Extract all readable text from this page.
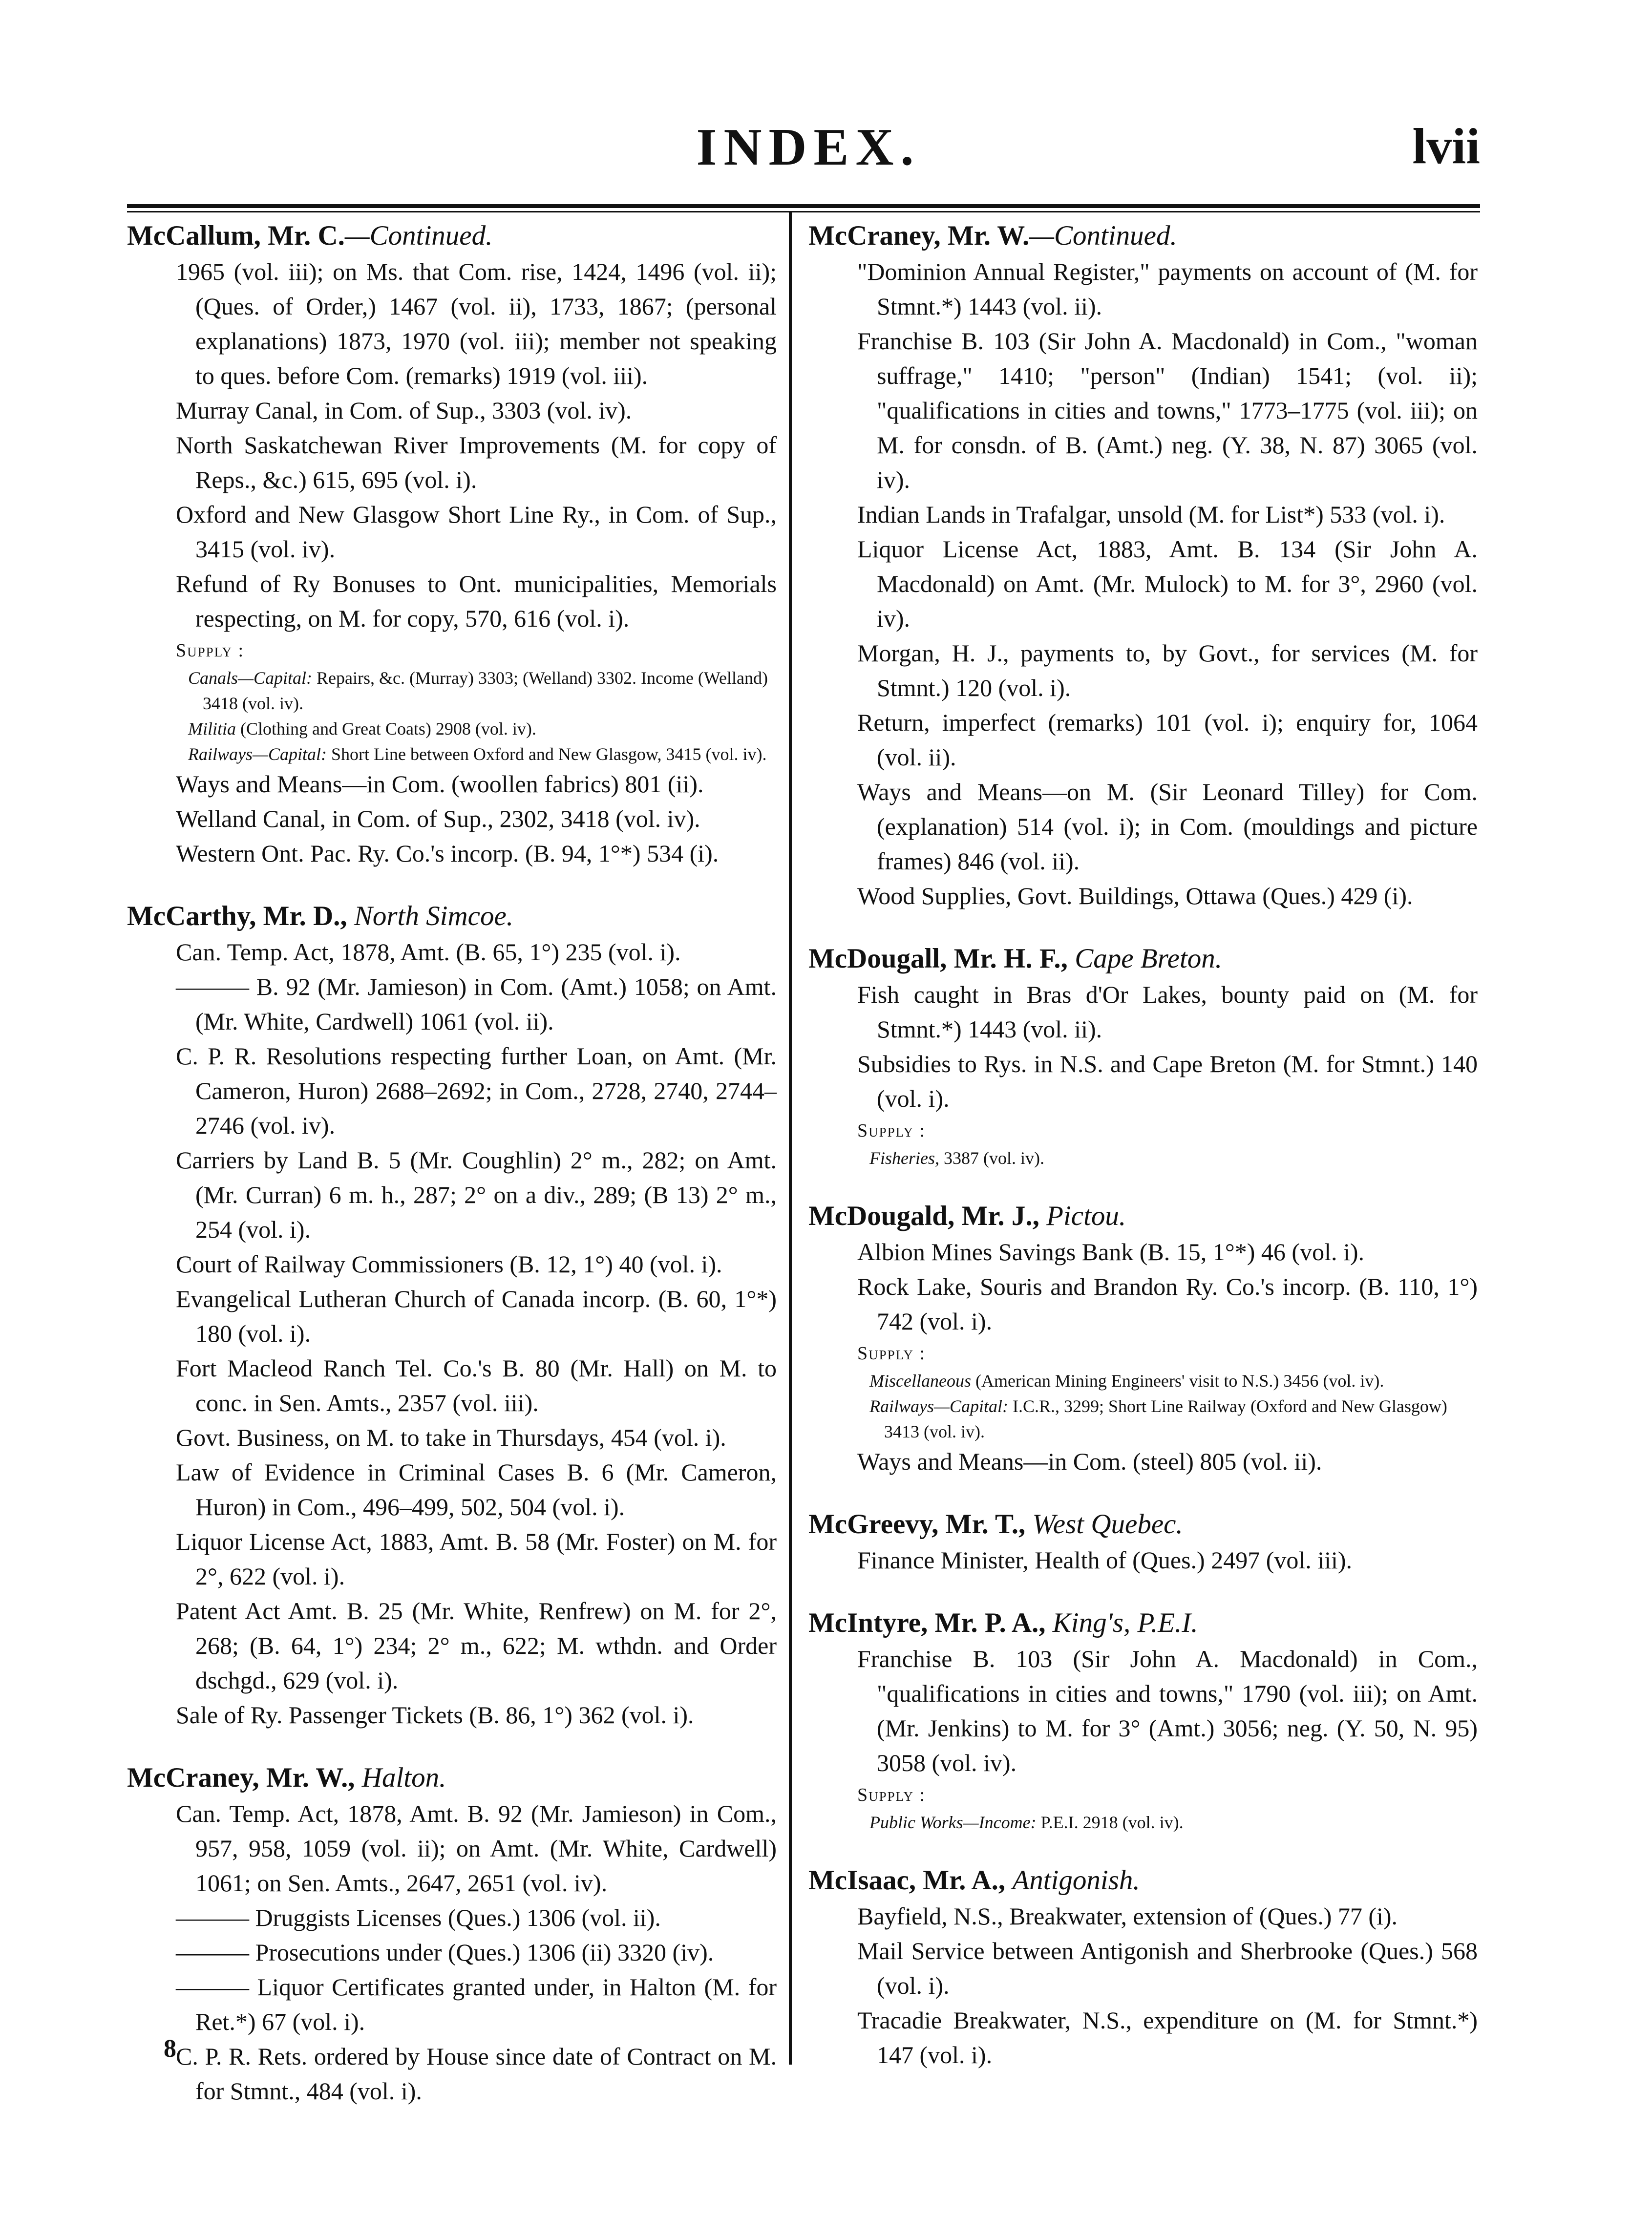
INDEX.	lvii
McCallum, Mr. C.—Continued.
1965 (vol. iii); on Ms. that Com. rise, 1424, 1496 (vol. ii); (Ques. of Order,) 1467 (vol. ii), 1733, 1867; (personal explanations) 1873, 1970 (vol. iii); member not speaking to ques. before Com. (remarks) 1919 (vol. iii).
Murray Canal, in Com. of Sup., 3303 (vol. iv).
North Saskatchewan River Improvements (M. for copy of Reps., &c.) 615, 695 (vol. i).
Oxford and New Glasgow Short Line Ry., in Com. of Sup., 3415 (vol. iv).
Refund of Ry Bonuses to Ont. municipalities, Memorials respecting, on M. for copy, 570, 616 (vol. i).
Supply :
Canals—Capital: Repairs, &c. (Murray) 3303; (Welland) 3302. Income (Welland) 3418 (vol. iv).
Militia (Clothing and Great Coats) 2908 (vol. iv).
Railways—Capital: Short Line between Oxford and New Glasgow, 3415 (vol. iv).
Ways and Means—in Com. (woollen fabrics) 801 (ii).
Welland Canal, in Com. of Sup., 2302, 3418 (vol. iv).
Western Ont. Pac. Ry. Co.'s incorp. (B. 94, 1°*) 534 (i).
McCarthy, Mr. D., North Simcoe.
Can. Temp. Act, 1878, Amt. (B. 65, 1°) 235 (vol. i).
——— B. 92 (Mr. Jamieson) in Com. (Amt.) 1058; on Amt. (Mr. White, Cardwell) 1061 (vol. ii).
C. P. R. Resolutions respecting further Loan, on Amt. (Mr. Cameron, Huron) 2688–2692; in Com., 2728, 2740, 2744–2746 (vol. iv).
Carriers by Land B. 5 (Mr. Coughlin) 2° m., 282; on Amt. (Mr. Curran) 6 m. h., 287; 2° on a div., 289; (B 13) 2° m., 254 (vol. i).
Court of Railway Commissioners (B. 12, 1°) 40 (vol. i).
Evangelical Lutheran Church of Canada incorp. (B. 60, 1°*) 180 (vol. i).
Fort Macleod Ranch Tel. Co.'s B. 80 (Mr. Hall) on M. to conc. in Sen. Amts., 2357 (vol. iii).
Govt. Business, on M. to take in Thursdays, 454 (vol. i).
Law of Evidence in Criminal Cases B. 6 (Mr. Cameron, Huron) in Com., 496–499, 502, 504 (vol. i).
Liquor License Act, 1883, Amt. B. 58 (Mr. Foster) on M. for 2°, 622 (vol. i).
Patent Act Amt. B. 25 (Mr. White, Renfrew) on M. for 2°, 268; (B. 64, 1°) 234; 2° m., 622; M. wthdn. and Order dschgd., 629 (vol. i).
Sale of Ry. Passenger Tickets (B. 86, 1°) 362 (vol. i).
McCraney, Mr. W., Halton.
Can. Temp. Act, 1878, Amt. B. 92 (Mr. Jamieson) in Com., 957, 958, 1059 (vol. ii); on Amt. (Mr. White, Cardwell) 1061; on Sen. Amts., 2647, 2651 (vol. iv).
——— Druggists Licenses (Ques.) 1306 (vol. ii).
——— Prosecutions under (Ques.) 1306 (ii) 3320 (iv).
——— Liquor Certificates granted under, in Halton (M. for Ret.*) 67 (vol. i).
C. P. R. Rets. ordered by House since date of Contract on M. for Stmnt., 484 (vol. i).
McCraney, Mr. W.—Continued.
"Dominion Annual Register," payments on account of (M. for Stmnt.*) 1443 (vol. ii).
Franchise B. 103 (Sir John A. Macdonald) in Com., "woman suffrage," 1410; "person" (Indian) 1541; (vol. ii); "qualifications in cities and towns," 1773–1775 (vol. iii); on M. for consdn. of B. (Amt.) neg. (Y. 38, N. 87) 3065 (vol. iv).
Indian Lands in Trafalgar, unsold (M. for List*) 533 (vol. i).
Liquor License Act, 1883, Amt. B. 134 (Sir John A. Macdonald) on Amt. (Mr. Mulock) to M. for 3°, 2960 (vol. iv).
Morgan, H. J., payments to, by Govt., for services (M. for Stmnt.) 120 (vol. i).
Return, imperfect (remarks) 101 (vol. i); enquiry for, 1064 (vol. ii).
Ways and Means—on M. (Sir Leonard Tilley) for Com. (explanation) 514 (vol. i); in Com. (mouldings and picture frames) 846 (vol. ii).
Wood Supplies, Govt. Buildings, Ottawa (Ques.) 429 (i).
McDougall, Mr. H. F., Cape Breton.
Fish caught in Bras d'Or Lakes, bounty paid on (M. for Stmnt.*) 1443 (vol. ii).
Subsidies to Rys. in N.S. and Cape Breton (M. for Stmnt.) 140 (vol. i).
Supply :
Fisheries, 3387 (vol. iv).
McDougald, Mr. J., Pictou.
Albion Mines Savings Bank (B. 15, 1°*) 46 (vol. i).
Rock Lake, Souris and Brandon Ry. Co.'s incorp. (B. 110, 1°) 742 (vol. i).
Supply :
Miscellaneous (American Mining Engineers' visit to N.S.) 3456 (vol. iv).
Railways—Capital: I.C.R., 3299; Short Line Railway (Oxford and New Glasgow) 3413 (vol. iv).
Ways and Means—in Com. (steel) 805 (vol. ii).
McGreevy, Mr. T., West Quebec.
Finance Minister, Health of (Ques.) 2497 (vol. iii).
McIntyre, Mr. P. A., King's, P.E.I.
Franchise B. 103 (Sir John A. Macdonald) in Com., "qualifications in cities and towns," 1790 (vol. iii); on Amt. (Mr. Jenkins) to M. for 3° (Amt.) 3056; neg. (Y. 50, N. 95) 3058 (vol. iv).
Supply :
Public Works—Income: P.E.I. 2918 (vol. iv).
McIsaac, Mr. A., Antigonish.
Bayfield, N.S., Breakwater, extension of (Ques.) 77 (i).
Mail Service between Antigonish and Sherbrooke (Ques.) 568 (vol. i).
Tracadie Breakwater, N.S., expenditure on (M. for Stmnt.*) 147 (vol. i).
8
